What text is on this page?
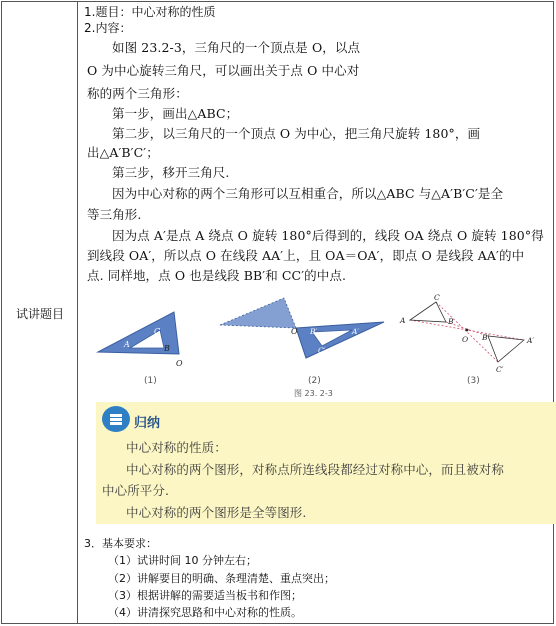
试讲题目
1.题目：中心对称的性质
2.内容：
如图 23.2-3，三角尺的一个顶点是 O，以点
O 为中心旋转三角尺，可以画出关于点 O 中心对
称的两个三角形：
第一步，画出△ABC；
第二步，以三角尺的一个顶点 O 为中心，把三角尺旋转 180°，画
出△A′B′C′；
第三步，移开三角尺.
因为中心对称的两个三角形可以互相重合，所以△ABC 与△A′B′C′是全
等三角形.
因为点 A′是点 A 绕点 O 旋转 180°后得到的，线段 OA 绕点 O 旋转 180°得
到线段 OA′，所以点 O 在线段 AA′上，且 OA＝OA′，即点 O 是线段 AA′的中
点. 同样地，点 O 也是线段 BB′和 CC′的中点.
A
C
B
O
(1)
O B′	A′
C′
(2)
A
C
B
O B′	A′
C′
(3)
图 23. 2-3
归纳
中心对称的性质：
中心对称的两个图形，对称点所连线段都经过对称中心，而且被对称
中心所平分.
中心对称的两个图形是全等图形.
3．基本要求：
（1）试讲时间 10 分钟左右；
（2）讲解要目的明确、条理清楚、重点突出；
（3）根据讲解的需要适当板书和作图；
（4）讲清探究思路和中心对称的性质。
